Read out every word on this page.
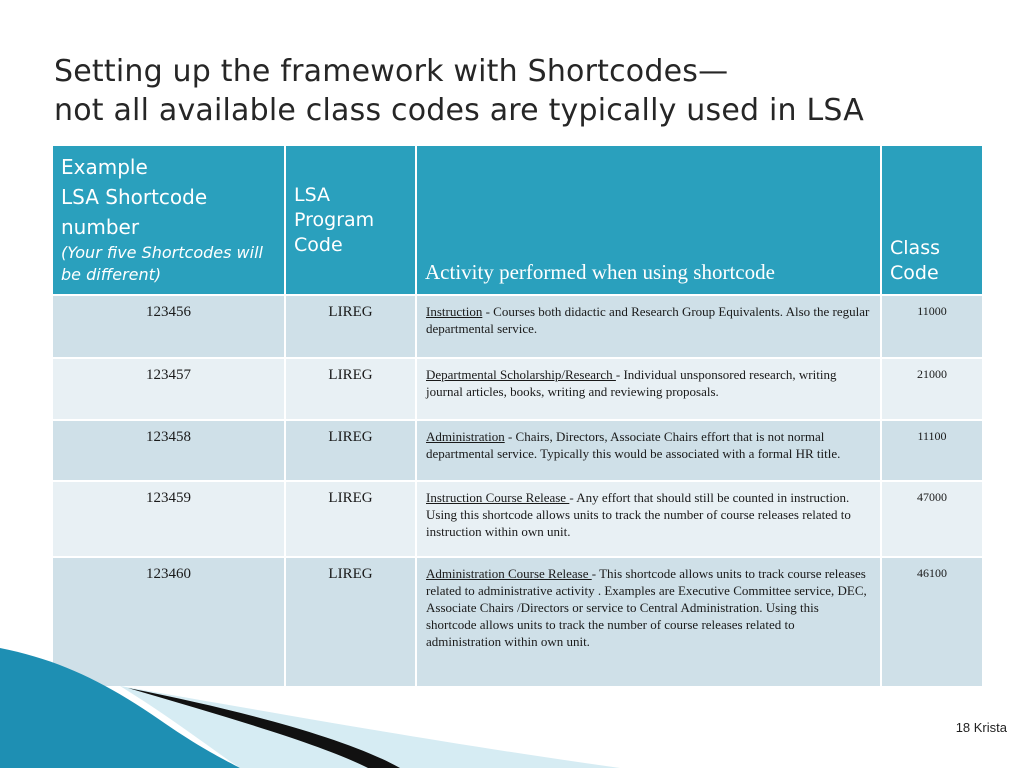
Setting up the framework with Shortcodes—
not all available class codes are typically used in LSA
Example
LSA Shortcode
number
(Your five Shortcodes will be different)	LSA Program Code	Activity performed when using shortcode	Class Code
123456	LIREG	Instruction - Courses both didactic and Research Group Equivalents. Also the regular departmental service.	11000
123457	LIREG	Departmental Scholarship/Research - Individual unsponsored research, writing journal articles, books, writing and reviewing proposals.	21000
123458	LIREG	Administration - Chairs, Directors, Associate Chairs effort that is not normal departmental service. Typically this would be associated with a formal HR title.	11100
123459	LIREG	Instruction Course Release - Any effort that should still be counted in instruction. Using this shortcode allows units to track the number of course releases related to instruction within own unit.	47000
123460	LIREG	Administration Course Release - This shortcode allows units to track course releases related to administrative activity . Examples are Executive Committee service, DEC, Associate Chairs /Directors or service to Central Administration. Using this shortcode allows units to track the number of course releases related to administration within own unit.	46100
18 Krista
